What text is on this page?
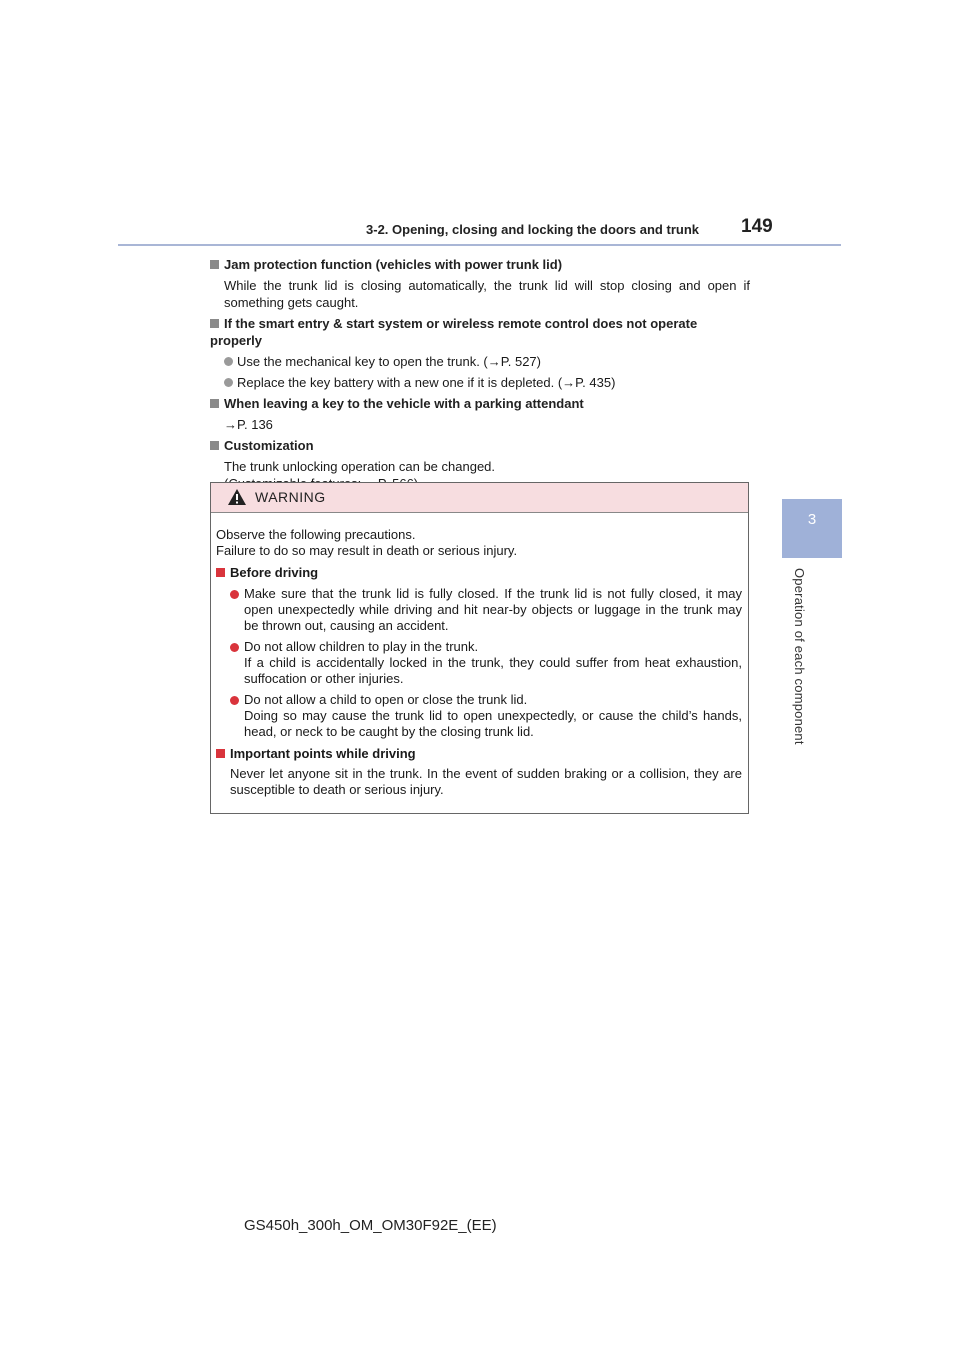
3-2. Opening, closing and locking the doors and trunk 149
3
Operation of each component

Jam protection function (vehicles with power trunk lid)

While the trunk lid is closing automatically, the trunk lid will stop closing and open if something gets caught.

If the smart entry & start system or wireless remote control does not operate properly

Use the mechanical key to open the trunk. (→P. 527)

Replace the key battery with a new one if it is depleted. (→P. 435)

When leaving a key to the vehicle with a parking attendant

→P. 136

Customization

The trunk unlocking operation can be changed.

WARNING

Observe the following precautions.

Failure to do so may result in death or serious injury.

Before driving

Make sure that the trunk lid is fully closed. If the trunk lid is not fully closed, it may open unexpectedly while driving and hit near-by objects or luggage in the trunk may be thrown out, causing an accident.
Do not allow children to play in the trunk.
If a child is accidentally locked in the trunk, they could suffer from heat exhaustion, suffocation or other injuries.
Do not allow a child to open or close the trunk lid.
Doing so may cause the trunk lid to open unexpectedly, or cause the child’s hands, head, or neck to be caught by the closing trunk lid.

Important points while driving

Never let anyone sit in the trunk. In the event of sudden braking or a collision, they are susceptible to death or serious injury.

GS450h_300h_OM_OM30F92E_(EE)
